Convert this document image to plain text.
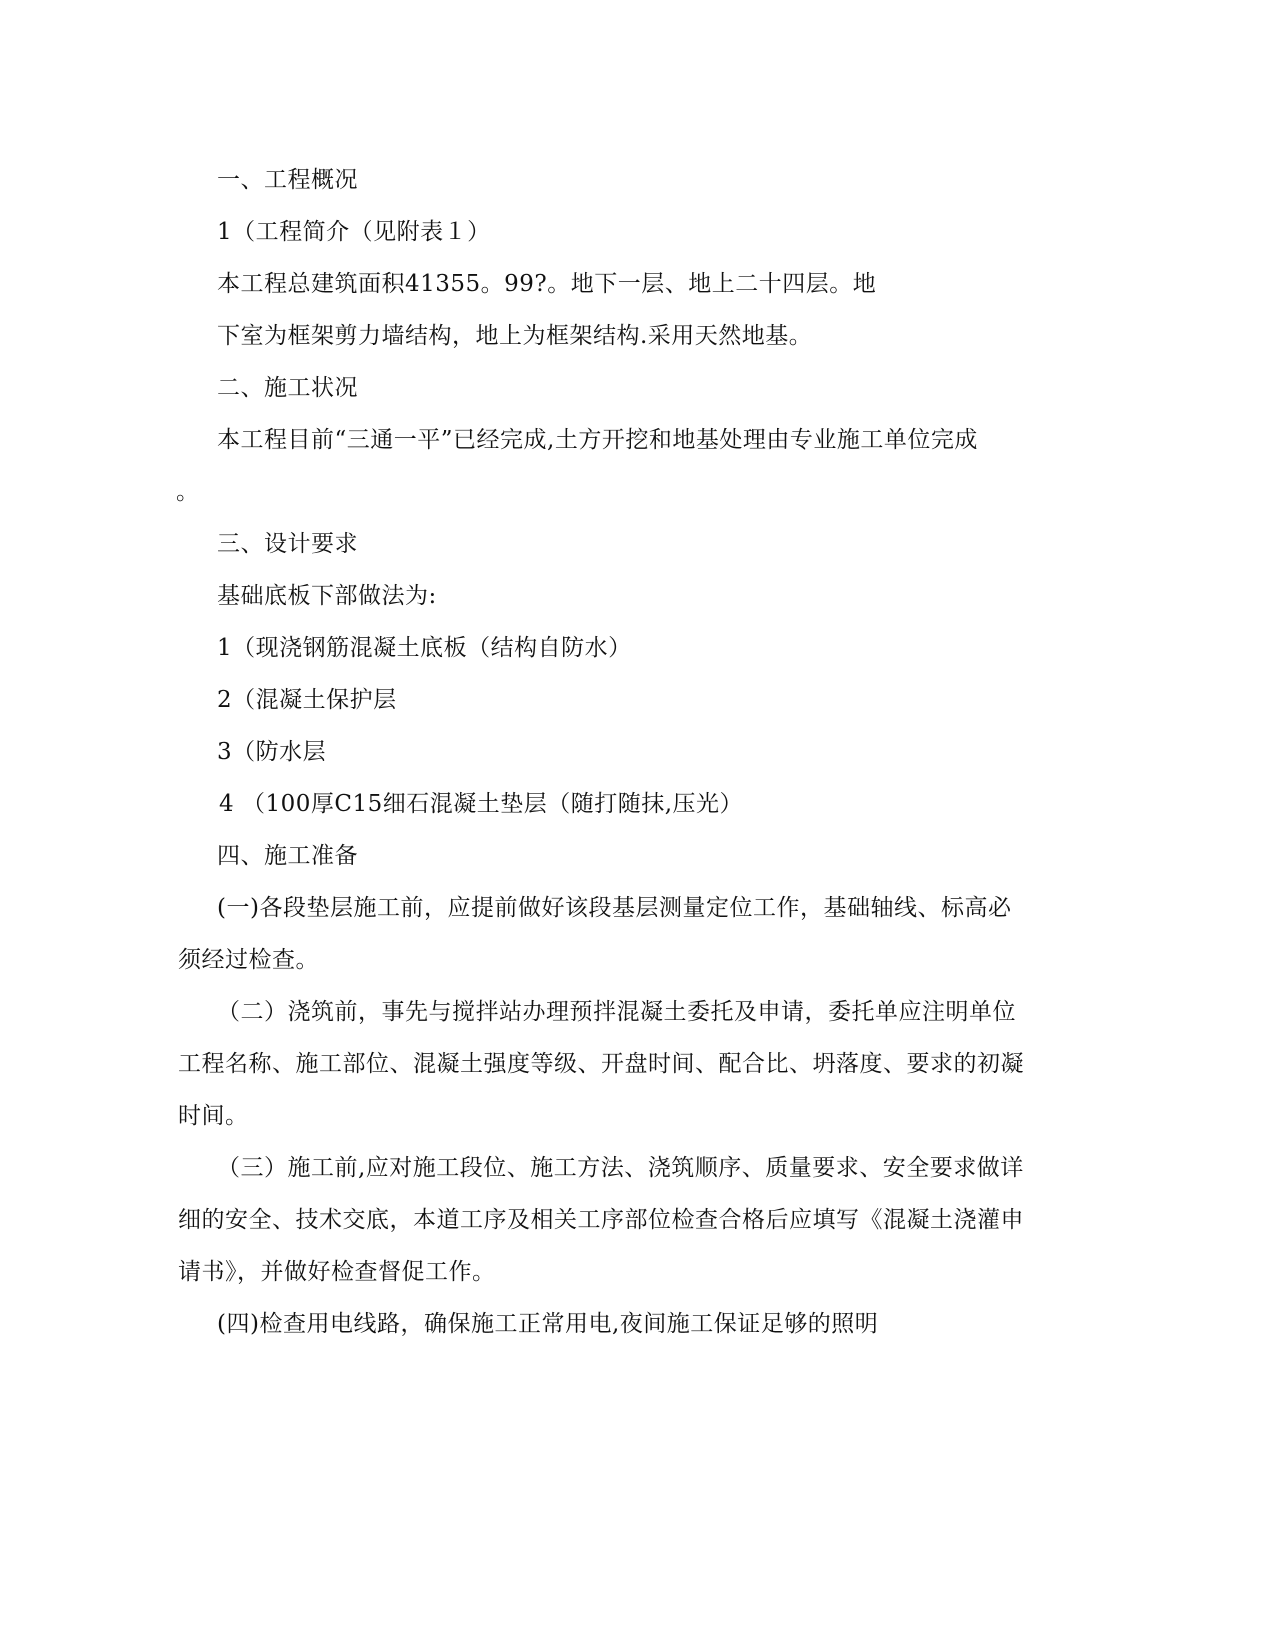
一、工程概况
1（工程简介（见附表１）
本工程总建筑面积41355。99?。地下一层、地上二十四层。地
下室为框架剪力墙结构，地上为框架结构.采用天然地基。
二、施工状况
本工程目前“三通一平”已经完成,土方开挖和地基处理由专业施工单位完成
。
三、设计要求
基础底板下部做法为:
1（现浇钢筋混凝土底板（结构自防水）
2（混凝土保护层
3（防水层
4 （100厚C15细石混凝土垫层（随打随抹,压光）
四、施工准备
(一)各段垫层施工前，应提前做好该段基层测量定位工作，基础轴线、标高必
须经过检查。
（二）浇筑前，事先与搅拌站办理预拌混凝土委托及申请，委托单应注明单位
工程名称、施工部位、混凝土强度等级、开盘时间、配合比、坍落度、要求的初凝
时间。
（三）施工前,应对施工段位、施工方法、浇筑顺序、质量要求、安全要求做详
细的安全、技术交底，本道工序及相关工序部位检查合格后应填写《混凝土浇灌申
请书》，并做好检查督促工作。
(四)检查用电线路，确保施工正常用电,夜间施工保证足够的照明
